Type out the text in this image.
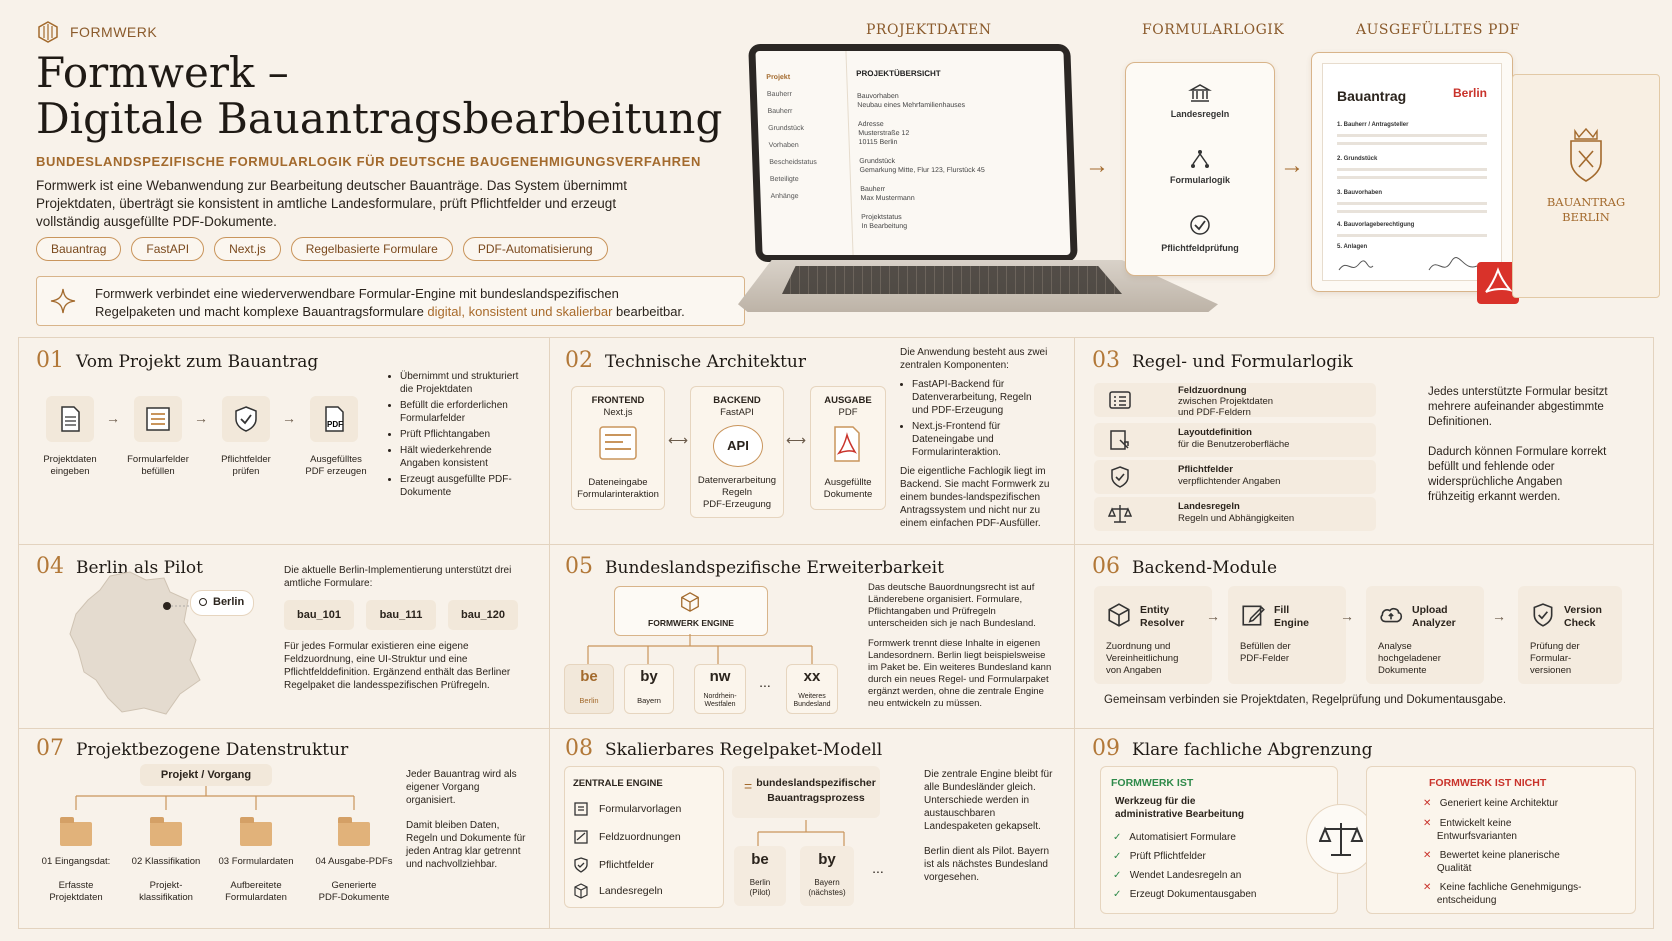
FORMWERK
Formwerk –
Digitale Bauantragsbearbeitung
BUNDESLANDSPEZIFISCHE FORMULARLOGIK FÜR DEUTSCHE BAUGENEHMIGUNGSVERFAHREN
Formwerk ist eine Webanwendung zur Bearbeitung deutscher Bauanträge. Das System übernimmt Projektdaten, überträgt sie konsistent in amtliche Landesformulare, prüft Pflichtfelder und erzeugt vollständig ausgefüllte PDF-Dokumente.
Bauantrag	FastAPI	Next.js	Regelbasierte Formulare	PDF-Automatisierung

Formwerk verbindet eine wiederverwendbare Formular-Engine mit bundeslandspezifischen
Regelpaketen und macht komplexe Bauantragsformulare digital, konsistent und skalierbar bearbeitbar.

PROJEKTDATEN	FORMULARLOGIK	AUSGEFÜLLTES PDF
Projekt
Bauherr
Bauherr
Grundstück
Vorhaben
Bescheidstatus
Beteiligte
Anhänge
PROJEKTÜBERSICHT
Bauvorhaben
Neubau eines Mehrfamilienhauses
Adresse
Musterstraße 12
10115 Berlin
Grundstück
Gemarkung Mitte, Flur 123, Flurstück 45
Bauherr
Max Mustermann
Projektstatus
In Bearbeitung
→	→
Landesregeln
Formularlogik
Pflichtfeldprüfung
Bauantrag	Berlin
1. Bauherr / Antragsteller
2. Grundstück
3. Bauvorhaben
4. Bauvorlageberechtigung
5. Anlagen
BAUANTRAG
BERLIN
01 Vom Projekt zum Bauantrag
PDF
→	→	→
Projektdaten
eingeben
Formularfelder
befüllen
Pflichtfelder
prüfen
Ausgefülltes
PDF erzeugen
• Übernimmt und strukturiert die Projektdaten
• Befüllt die erforderlichen Formularfelder
• Prüft Pflichtangaben
• Hält wiederkehrende Angaben konsistent
• Erzeugt ausgefüllte PDF-Dokumente
02 Technische Architektur
FRONTEND
Next.js
Dateneingabe
Formularinteraktion
⟷
BACKEND
FastAPI
API
Datenverarbeitung
Regeln
PDF-Erzeugung
⟷
AUSGABE
PDF
Ausgefüllte
Dokumente
Die Anwendung besteht aus zwei zentralen Komponenten:
• FastAPI-Backend für Datenverarbeitung, Regeln und PDF-Erzeugung
• Next.js-Frontend für Dateneingabe und Formularinteraktion.
Die eigentliche Fachlogik liegt im Backend. Sie macht Formwerk zu einem bundes-landspezifischen Antragssystem und nicht nur zu einem einfachen PDF-Ausfüller.
03 Regel- und Formularlogik
Feldzuordnung
zwischen Projektdaten
und PDF-Feldern
Layoutdefinition
für die Benutzeroberfläche
Pflichtfelder
verpflichtender Angaben
Landesregeln
Regeln und Abhängigkeiten
Jedes unterstützte Formular besitzt mehrere aufeinander abgestimmte Definitionen.
Dadurch können Formulare korrekt befüllt und fehlende oder widersprüchliche Angaben frühzeitig erkannt werden.
04 Berlin als Pilot
Berlin
Die aktuelle Berlin-Implementierung unterstützt drei amtliche Formulare:
bau_101	bau_111	bau_120
Für jedes Formular existieren eine eigene Feldzuordnung, eine UI-Struktur und eine Pflichtfelddefinition. Ergänzend enthält das Berliner Regelpaket die landesspezifischen Prüfregeln.
05 Bundeslandspezifische Erweiterbarkeit
FORMWERK ENGINE
be
Berlin
by
Bayern
nw
Nordrhein-Westfalen
...	xx
Weiteres Bundesland
Das deutsche Bauordnungsrecht ist auf Länderebene organisiert. Formulare, Pflichtangaben und Prüfregeln unterscheiden sich je nach Bundesland.
Formwerk trennt diese Inhalte in eigenen Landesordnern. Berlin liegt beispielsweise im Paket be. Ein weiteres Bundesland kann durch ein neues Regel- und Formularpaket ergänzt werden, ohne die zentrale Engine neu entwickeln zu müssen.
06 Backend-Module
Entity
Resolver
Zuordnung und
Vereinheitlichung
von Angaben
→	Fill
Engine
Befüllen der
PDF-Felder
→	Upload
Analyzer
Analyse
hochgeladener
Dokumente
→	Version
Check
Prüfung der
Formular-
versionen
Gemeinsam verbinden sie Projektdaten, Regelprüfung und Dokumentausgabe.
07 Projektbezogene Datenstruktur
Projekt / Vorgang
01 Eingangsdat:

Erfasste
Projektdaten
02 Klassifikation

Projekt-
klassifikation
03 Formulardaten

Aufbereitete
Formulardaten
04 Ausgabe-PDFs

Generierte
PDF-Dokumente
Jeder Bauantrag wird als eigener Vorgang organisiert.
Damit bleiben Daten, Regeln und Dokumente für jeden Antrag klar getrennt und nachvollziehbar.
08 Skalierbares Regelpaket-Modell
ZENTRALE ENGINE
Formularvorlagen
Feldzuordnungen
Pflichtfelder
Landesregeln
= bundeslandspezifischer
Bauantragsprozess
be
Berlin
(Pilot)
by
Bayern
(nächstes)
...
Die zentrale Engine bleibt für alle Bundesländer gleich. Unterschiede werden in austauschbaren Landespaketen gekapselt.
Berlin dient als Pilot. Bayern ist als nächstes Bundesland vorgesehen.
09 Klare fachliche Abgrenzung
FORMWERK IST
Werkzeug für die
administrative Bearbeitung
✓ Automatisiert Formulare
✓ Prüft Pflichtfelder
✓ Wendet Landesregeln an
✓ Erzeugt Dokumentausgaben
FORMWERK IST NICHT
✕ Generiert keine Architektur
✕ Entwickelt keine
Entwurfsvarianten
✕ Bewertet keine planerische
Qualität
✕ Keine fachliche Genehmigungs-
entscheidung
